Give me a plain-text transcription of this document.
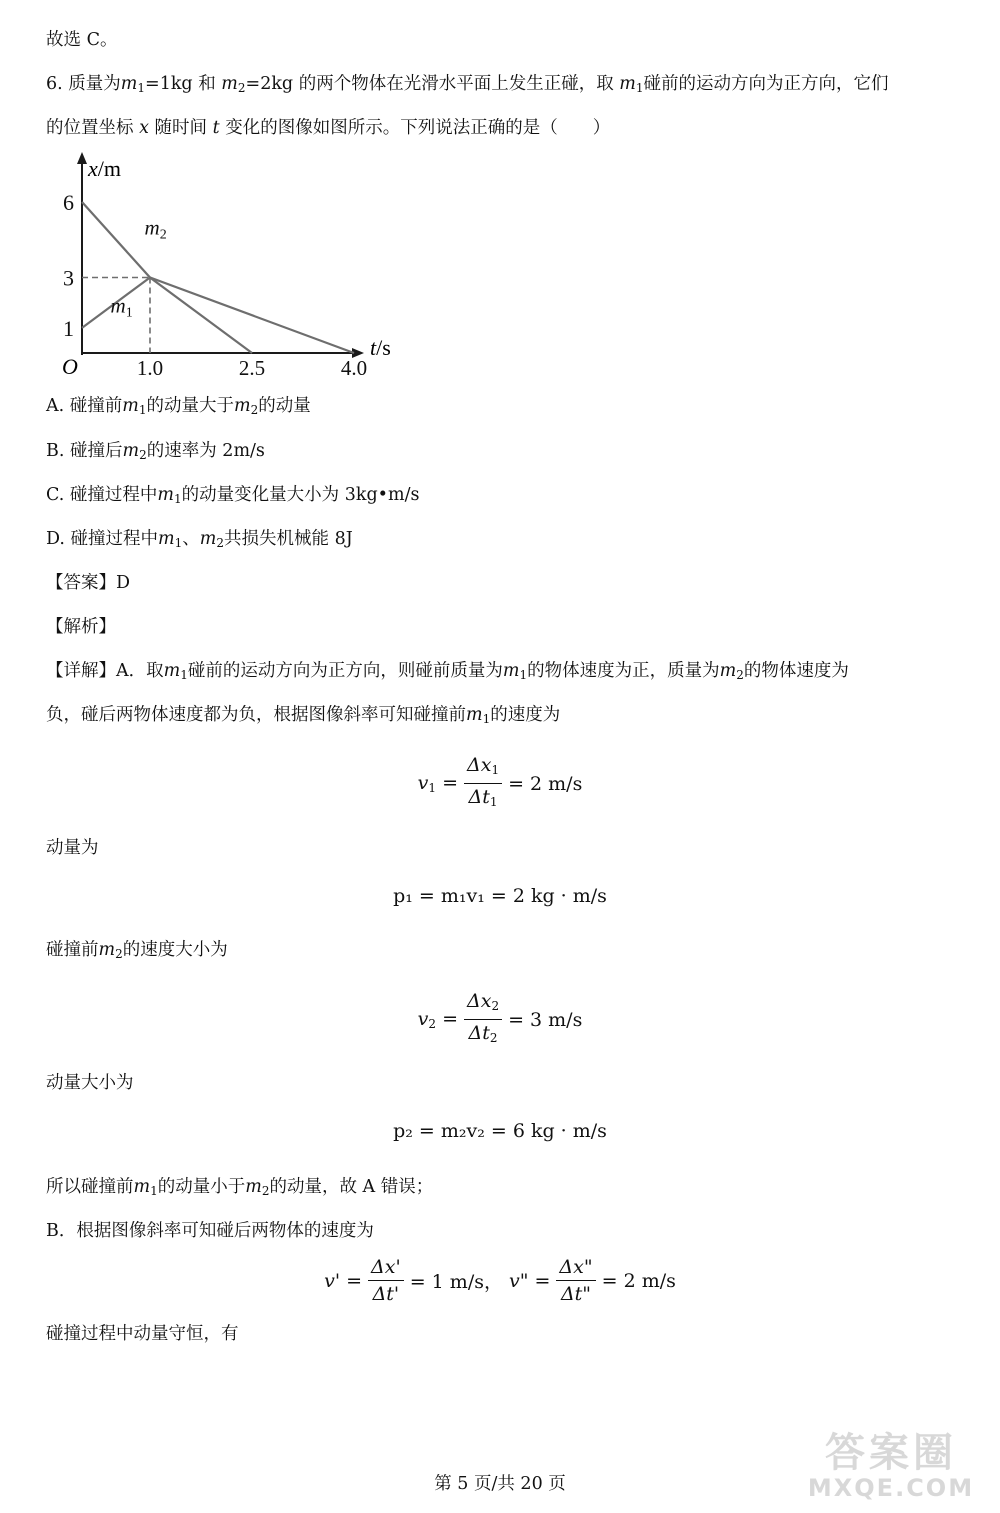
故选 C。
6. 质量为$m_1=1kg$ 和 $m_2=2kg$ 的两个物体在光滑水平面上发生正碰，取 $m_1$碰前的运动方向为正方向，它们
的位置坐标 x 随时间 t 变化的图像如图所示。下列说法正确的是（　　）
x/m
t/s
O	1.0	2.5	4.0
1
3
6
m2
m1
A. 碰撞前$m_1$的动量大于$m_2$的动量
B. 碰撞后$m_2$的速率为 2m/s
C. 碰撞过程中$m_1$的动量变化量大小为 3kg•m/s
D. 碰撞过程中$m_1$、$m_2$共损失机械能 8J
【答案】D
【解析】
【详解】A．取$m_1$碰前的运动方向为正方向，则碰前质量为$m_1$的物体速度为正，质量为$m_2$的物体速度为
负，碰后两物体速度都为负，根据图像斜率可知碰撞前$m_1$的速度为
$v_1 = \frac{\Delta x_1}{\Delta t_1} = 2$ m/s
动量为
p₁ = m₁v₁ = 2 kg · m/s
碰撞前$m_2$的速度大小为
$v_2 = \frac{\Delta x_2}{\Delta t_2} = 3$ m/s
动量大小为
p₂ = m₂v₂ = 6 kg · m/s
所以碰撞前$m_1$的动量小于$m_2$的动量，故 A 错误；
B．根据图像斜率可知碰后两物体的速度为
$v' = \frac{\Delta x'}{\Delta t'} = 1$ m/s， v" = $\frac{\Delta x"}{\Delta t"} = 2$ m/s
碰撞过程中动量守恒，有
第 5 页/共 20 页
答案圈
MXQE.COM
